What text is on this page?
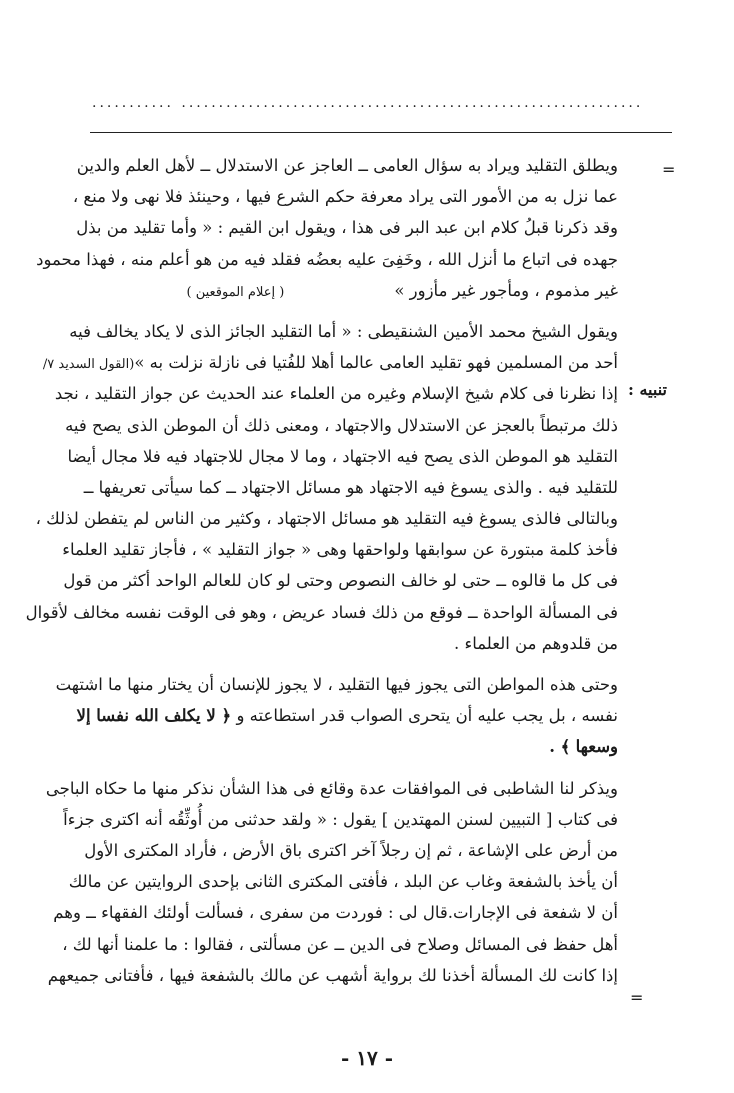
........... ..............................................................
=
تنبيه :
=

ويطلق التقليد ويراد به سؤال العامى ــ العاجز عن الاستدلال ــ لأهل العلم والدين
عما نزل به من الأمور التى يراد معرفة حكم الشرع فيها ، وحينئذ فلا نهى ولا منع ،
وقد ذكرنا قبلُ كلام ابن عبد البر فى هذا ، ويقول ابن القيم : « وأما تقليد من بذل
جهده فى اتباع ما أنزل الله ، وخَفِىَ عليه بعضُه فقلد فيه من هو أعلم منه ، فهذا محمود
غير مذموم ، ومأجور غير مأزور »( إعلام الموقعين )

ويقول الشيخ محمد الأمين الشنقيطى : « أما التقليد الجائز الذى لا يكاد يخالف فيه
أحد من المسلمين فهو تقليد العامى عالما أهلا للفُتيا فى نازلة نزلت به »(القول السديد ٧/

إذا نظرنا فى كلام شيخ الإسلام وغيره من العلماء عند الحديث عن جواز التقليد ، نجد
ذلك مرتبطاً بالعجز عن الاستدلال والاجتهاد ، ومعنى ذلك أن الموطن الذى يصح فيه
التقليد هو الموطن الذى يصح فيه الاجتهاد ، وما لا مجال للاجتهاد فيه فلا مجال أيضا
للتقليد فيه . والذى يسوغ فيه الاجتهاد هو مسائل الاجتهاد ــ كما سيأتى تعريفها ــ
وبالتالى فالذى يسوغ فيه التقليد هو مسائل الاجتهاد ، وكثير من الناس لم يتفطن لذلك ،
فأخذ كلمة مبتورة عن سوابقها ولواحقها وهى « جواز التقليد » ، فأجاز تقليد العلماء
فى كل ما قالوه ــ حتى لو خالف النصوص وحتى لو كان للعالم الواحد أكثر من قول
فى المسألة الواحدة ــ فوقع من ذلك فساد عريض ، وهو فى الوقت نفسه مخالف لأقوال
من قلدوهم من العلماء .

وحتى هذه المواطن التى يجوز فيها التقليد ، لا يجوز للإنسان أن يختار منها ما اشتهت
نفسه ، بل يجب عليه أن يتحرى الصواب قدر استطاعته و ﴿ لا يكلف الله نفسا إلا
وسعها ﴾ .

ويذكر لنا الشاطبى فى الموافقات عدة وقائع فى هذا الشأن نذكر منها ما حكاه الباجى
فى كتاب [ التبيين لسنن المهتدين ] يقول : « ولقد حدثنى من أُوثِّقُه أنه اكترى جزءاً
من أرض على الإشاعة ، ثم إن رجلاً آخر اكترى باق الأرض ، فأراد المكترى الأول
أن يأخذ بالشفعة وغاب عن البلد ، فأفتى المكترى الثانى بإحدى الروايتين عن مالك
أن لا شفعة فى الإجارات.قال لى : فوردت من سفرى ، فسألت أولئك الفقهاء ــ وهم
أهل حفظ فى المسائل وصلاح فى الدين ــ عن مسألتى ، فقالوا : ما علمنا أنها لك ،
إذا كانت لك المسألة أخذنا لك برواية أشهب عن مالك بالشفعة فيها ، فأفتانى جميعهم

- ١٧ -
